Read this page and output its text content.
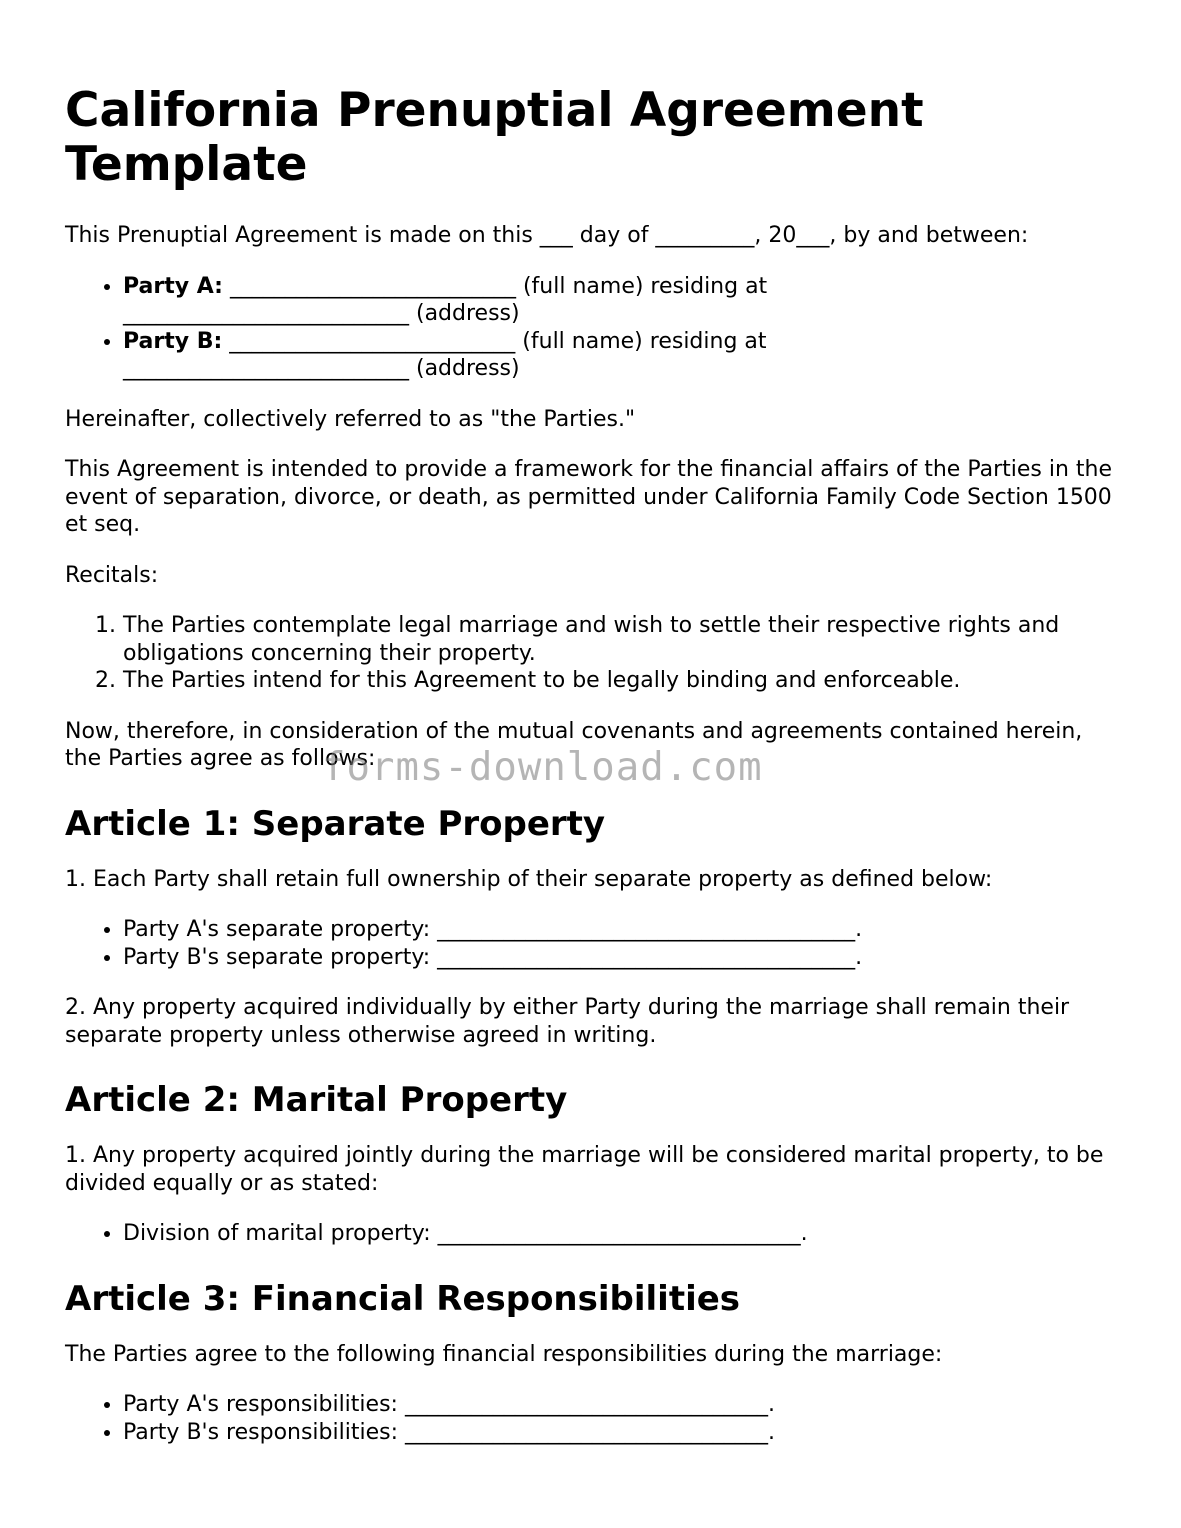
California Prenuptial Agreement Template

This Prenuptial Agreement is made on this ___ day of _________, 20___, by and between:

• Party A: __________________________ (full name) residing at
__________________________ (address)
• Party B: __________________________ (full name) residing at
__________________________ (address)

Hereinafter, collectively referred to as "the Parties."

This Agreement is intended to provide a framework for the financial affairs of the Parties in the event of separation, divorce, or death, as permitted under California Family Code Section 1500 et seq.

Recitals:

1. The Parties contemplate legal marriage and wish to settle their respective rights and obligations concerning their property.
2. The Parties intend for this Agreement to be legally binding and enforceable.

Now, therefore, in consideration of the mutual covenants and agreements contained herein, the Parties agree as follows:

Article 1: Separate Property

1. Each Party shall retain full ownership of their separate property as defined below:

• Party A's separate property: ______________________________________.
• Party B's separate property: ______________________________________.

2. Any property acquired individually by either Party during the marriage shall remain their separate property unless otherwise agreed in writing.

Article 2: Marital Property

1. Any property acquired jointly during the marriage will be considered marital property, to be divided equally or as stated:

• Division of marital property: _________________________________.
Article 3: Financial Responsibilities

The Parties agree to the following financial responsibilities during the marriage:

• Party A's responsibilities: _________________________________.
• Party B's responsibilities: _________________________________.
forms-download.com
